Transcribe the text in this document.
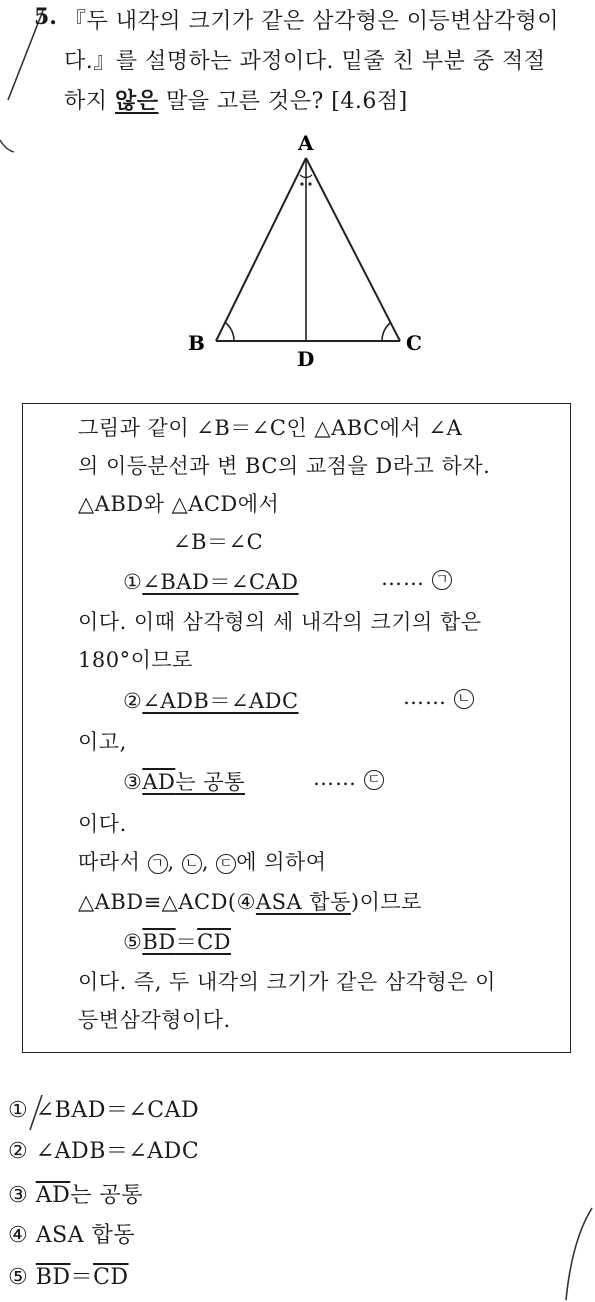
5. 『두 내각의 크기가 같은 삼각형은 이등변삼각형이
다.』를 설명하는 과정이다. 밑줄 친 부분 중 적절
하지 않은 말을 고른 것은? [4.6점]
A
B	C
D
그림과 같이 ∠B＝∠C인 △ABC에서 ∠A
의 이등분선과 변 BC의 교점을 D라고 하자.
△ABD와 △ACD에서
∠B＝∠C
①∠BAD＝∠CAD	…… ㄱ
이다. 이때 삼각형의 세 내각의 크기의 합은
180°이므로
②∠ADB＝∠ADC	…… ㄴ
이고,
③AD는 공통	…… ㄷ
이다.
따라서 ㄱ , ㄴ , ㄷ 에 의하여
△ABD≡△ACD(④ASA 합동)이므로
⑤BD＝CD
이다. 즉, 두 내각의 크기가 같은 삼각형은 이
등변삼각형이다.
① ∠BAD＝∠CAD
② ∠ADB＝∠ADC
③ $\overline{AD}$는 공통
④ ASA 합동
⑤ $\overline{BD}=\overline{CD}$
